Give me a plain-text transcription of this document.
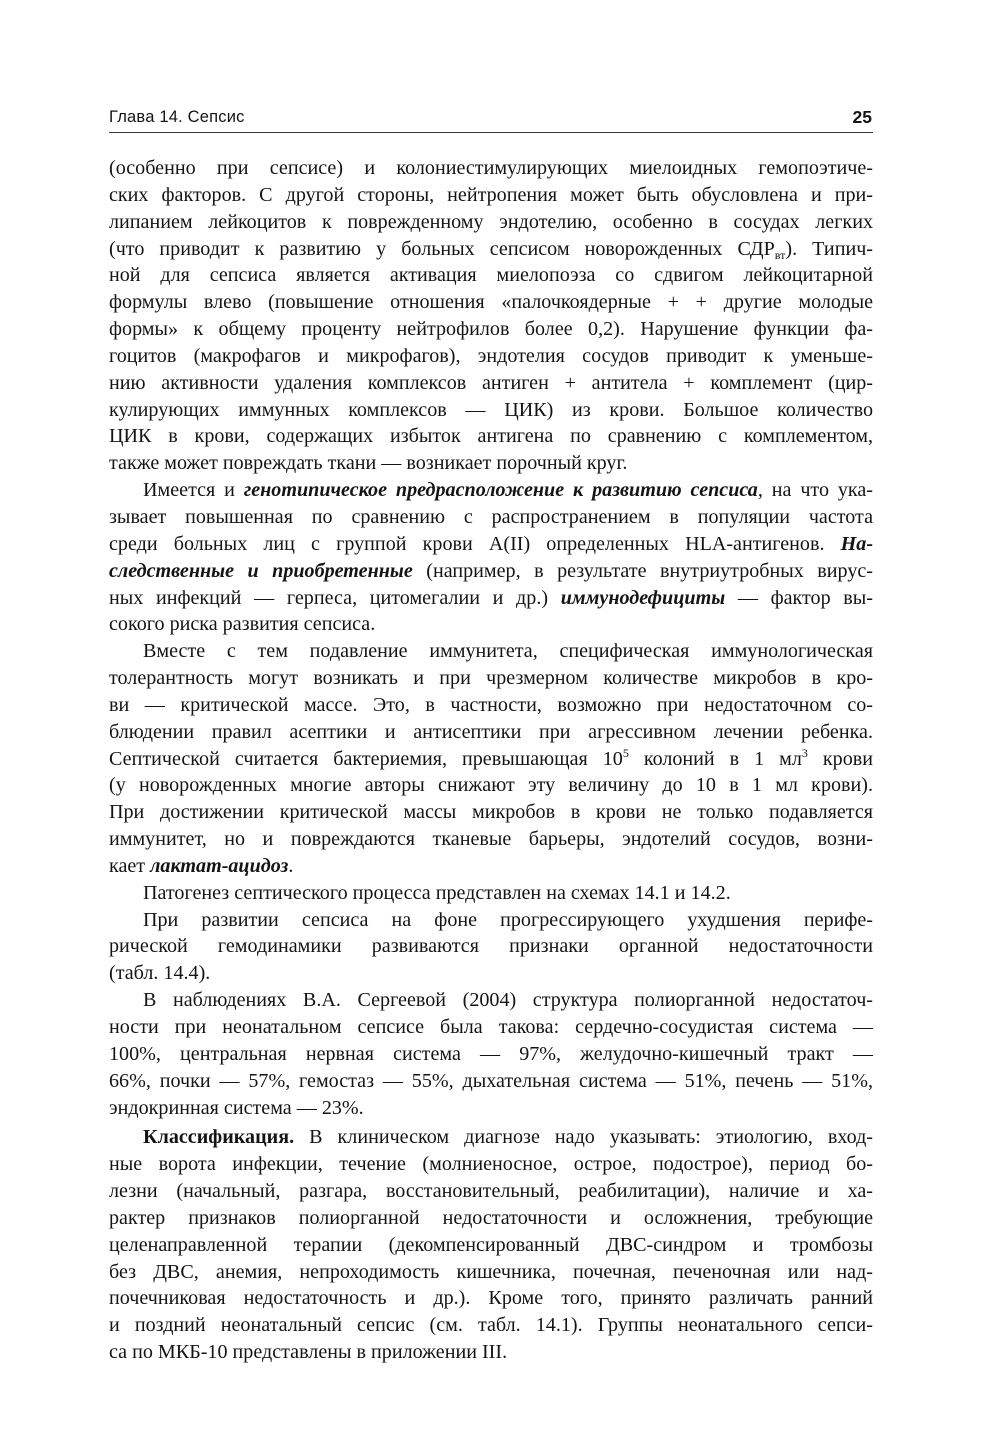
Глава 14. Сепсис	25
(особенно при сепсисе) и колониестимулирующих миелоидных гемопоэтиче-
ских факторов. С другой стороны, нейтропения может быть обусловлена и при-
липанием лейкоцитов к поврежденному эндотелию, особенно в сосудах легких
(что приводит к развитию у больных сепсисом новорожденных $СДР_{вт}$). Типич-
ной для сепсиса является активация миелопоэза со сдвигом лейкоцитарной
формулы влево (повышение отношения «палочкоядерные + + другие молодые
формы» к общему проценту нейтрофилов более 0,2). Нарушение функции фа-
гоцитов (макрофагов и микрофагов), эндотелия сосудов приводит к уменьше-
нию активности удаления комплексов антиген + антитела + комплемент (цир-
кулирующих иммунных комплексов — ЦИК) из крови. Большое количество
ЦИК в крови, содержащих избыток антигена по сравнению с комплементом,
также может повреждать ткани — возникает порочный круг.
Имеется и генотипическое предрасположение к развитию сепсиса, на что ука-
зывает повышенная по сравнению с распространением в популяции частота
среди больных лиц с группой крови A(II) определенных HLA-антигенов. На-
следственные и приобретенные (например, в результате внутриутробных вирус-
ных инфекций — герпеса, цитомегалии и др.) иммунодефициты — фактор вы-
сокого риска развития сепсиса.
Вместе с тем подавление иммунитета, специфическая иммунологическая
толерантность могут возникать и при чрезмерном количестве микробов в кро-
ви — критической массе. Это, в частности, возможно при недостаточном со-
блюдении правил асептики и антисептики при агрессивном лечении ребенка.
Септической считается бактериемия, превышающая $10^5$ колоний в 1 $мл^3$ крови
(у новорожденных многие авторы снижают эту величину до 10 в 1 мл крови).
При достижении критической массы микробов в крови не только подавляется
иммунитет, но и повреждаются тканевые барьеры, эндотелий сосудов, возни-
кает лактат-ацидоз.
Патогенез септического процесса представлен на схемах 14.1 и 14.2.
При развитии сепсиса на фоне прогрессирующего ухудшения перифе-
рической гемодинамики развиваются признаки органной недостаточности
(табл. 14.4).
В наблюдениях В.А. Сергеевой (2004) структура полиорганной недостаточ-
ности при неонатальном сепсисе была такова: сердечно-сосудистая система —
100%, центральная нервная система — 97%, желудочно-кишечный тракт —
66%, почки — 57%, гемостаз — 55%, дыхательная система — 51%, печень — 51%,
эндокринная система — 23%.
Классификация. В клиническом диагнозе надо указывать: этиологию, вход-
ные ворота инфекции, течение (молниеносное, острое, подострое), период бо-
лезни (начальный, разгара, восстановительный, реабилитации), наличие и ха-
рактер признаков полиорганной недостаточности и осложнения, требующие
целенаправленной терапии (декомпенсированный ДВС-синдром и тромбозы
без ДВС, анемия, непроходимость кишечника, почечная, печеночная или над-
почечниковая недостаточность и др.). Кроме того, принято различать ранний
и поздний неонатальный сепсис (см. табл. 14.1). Группы неонатального сепси-
са по МКБ-10 представлены в приложении III.
